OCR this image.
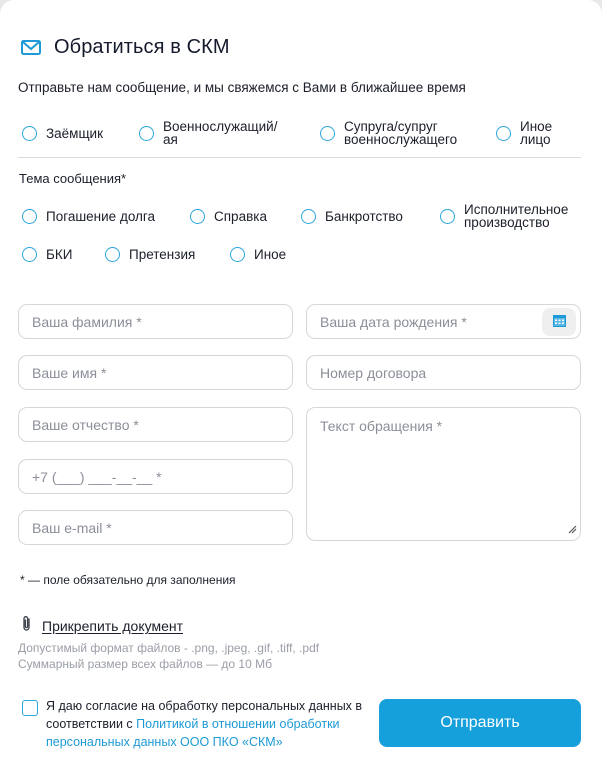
Обратиться в СКМ
Отправьте нам сообщение, и мы свяжемся с Вами в ближайшее время
Заёмщик	Военнослужащий/
ая
Супруга/супруг
военнослужащего
Иное
лицо
Тема сообщения*
Погашение долга	Справка	Банкротство	Исполнительное
производство
БКИ	Претензия	Иное
Ваша фамилия *
Ваше имя *
Ваше отчество *
+7 (___) ___-__-__ *
Ваш e-mail *
Ваша дата рождения *
Номер договора
Текст обращения *
* — поле обязательно для заполнения
Прикрепить документ
Допустимый формат файлов - .png, .jpeg, .gif, .tiff, .pdf
Суммарный размер всех файлов — до 10 Мб
Я даю согласие на обработку персональных данных в соответствии с Политикой в отношении обработки персональных данных ООО ПКО «СКМ»
Отправить
